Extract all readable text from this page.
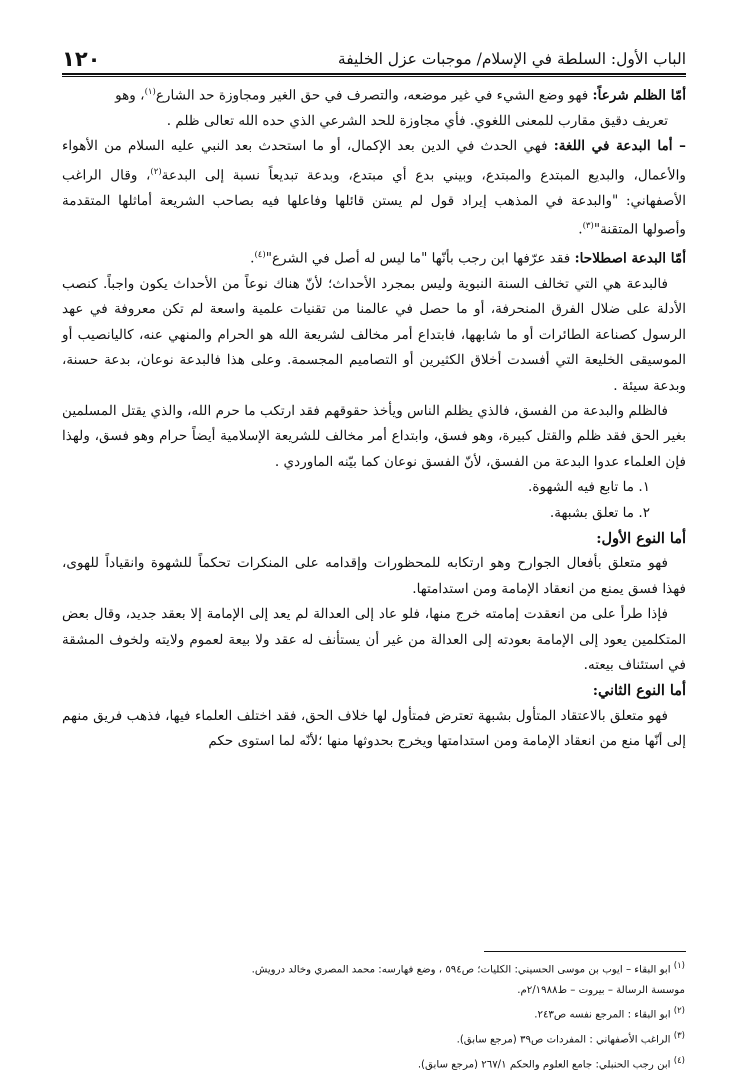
الباب الأول: السلطة في الإسلام/ موجبات عزل الخليفة
١٢٠

أمّا الظلم شرعاً: فهو وضع الشيء في غير موضعه، والتصرف في حق الغير ومجاوزة حد الشارع$^{(١)}$، وهو
تعريف دقيق مقارب للمعنى اللغوي. فأي مجاوزة للحد الشرعي الذي حده الله تعالى ظلم .

– أما البدعة في اللغة: فهي الحدث في الدين بعد الإكمال، أو ما استحدث بعد النبي عليه السلام من الأهواء والأعمال، والبديع المبتدع والمبتدع، وبيني بدع أي مبتدع، وبدعة تبديعاً نسبة إلى البدعة$^{(٢)}$، وقال الراغب الأصفهاني: "والبدعة في المذهب إيراد قول لم يستن قائلها وفاعلها فيه بصاحب الشريعة أماثلها المتقدمة وأصولها المتقنة"$^{(٣)}$.

أمّا البدعة اصطلاحا: فقد عرّفها ابن رجب بأنّها "ما ليس له أصل في الشرع"$^{(٤)}$.

فالبدعة هي التي تخالف السنة النبوية وليس بمجرد الأحداث؛ لأنّ هناك نوعاً من الأحداث يكون واجباً. كنصب الأدلة على ضلال الفرق المنحرفة، أو ما حصل في عالمنا من تقنيات علمية واسعة لم تكن معروفة في عهد الرسول كصناعة الطائرات أو ما شابهها، فابتداع أمر مخالف لشريعة الله هو الحرام والمنهي عنه، كاليانصيب أو الموسيقى الخليعة التي أفسدت أخلاق الكثيرين أو التصاميم المجسمة. وعلى هذا فالبدعة نوعان، بدعة حسنة، وبدعة سيئة .

فالظلم والبدعة من الفسق، فالذي يظلم الناس ويأخذ حقوقهم فقد ارتكب ما حرم الله، والذي يقتل المسلمين بغير الحق فقد ظلم والقتل كبيرة، وهو فسق، وابتداع أمر مخالف للشريعة الإسلامية أيضاً حرام وهو فسق، ولهذا فإن العلماء عدوا البدعة من الفسق، لأنّ الفسق نوعان كما بيّنه الماوردي .

١. ما تابع فيه الشهوة.

٢. ما تعلق بشبهة.

أما النوع الأول:

فهو متعلق بأفعال الجوارح وهو ارتكابه للمحظورات وإقدامه على المنكرات تحكماً للشهوة وانقياداً للهوى، فهذا فسق يمنع من انعقاد الإمامة ومن استدامتها.

فإذا طرأ على من انعقدت إمامته خرج منها، فلو عاد إلى العدالة لم يعد إلى الإمامة إلا بعقد جديد، وقال بعض المتكلمين يعود إلى الإمامة بعودته إلى العدالة من غير أن يستأنف له عقد ولا بيعة لعموم ولايته ولخوف المشقة في استئناف بيعته.

أما النوع الثاني:

فهو متعلق بالاعتقاد المتأول بشبهة تعترض فمتأول لها خلاف الحق، فقد اختلف العلماء فيها، فذهب فريق منهم إلى أنّها منع من انعقاد الإمامة ومن استدامتها ويخرج بحدوثها منها ؛لأنّه لما استوى حكم

$^{(١)}$ ابو البقاء – ايوب بن موسى الحسيني: الكليات؛ ص٥٩٤ ، وضع فهارسه: محمد المصري وخالد درويش.

موسسة الرسالة – بيروت – ط٢/١٩٨٨م.

$^{(٢)}$ ابو البقاء : المرجع نفسه ص٢٤٣.

$^{(٣)}$ الراغب الأصفهاني : المفردات ص٣٩ (مرجع سابق).

$^{(٤)}$ ابن رجب الحنبلي: جامع العلوم والحكم ٢٦٧/١ (مرجع سابق).
